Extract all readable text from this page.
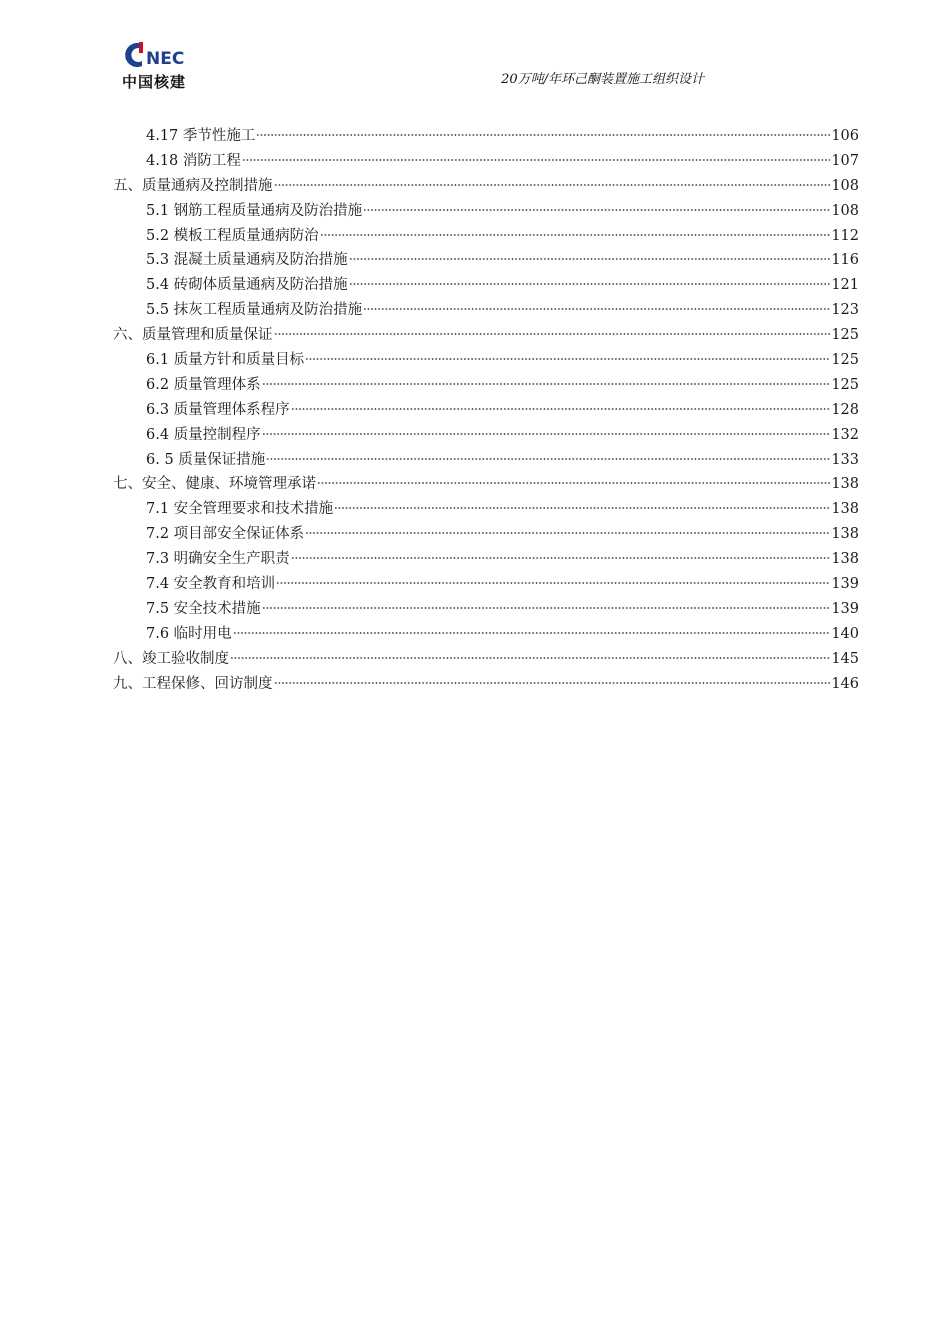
NEC
中国核建	20万吨/年环己酮装置施工组织设计
4.17 季节性施工	106
4.18 消防工程	107
五、质量通病及控制措施	108
5.1 钢筋工程质量通病及防治措施	108
5.2 模板工程质量通病防治	112
5.3 混凝土质量通病及防治措施	116
5.4 砖砌体质量通病及防治措施	121
5.5 抹灰工程质量通病及防治措施	123
六、质量管理和质量保证	125
6.1 质量方针和质量目标	125
6.2 质量管理体系	125
6.3 质量管理体系程序	128
6.4 质量控制程序	132
6. 5 质量保证措施	133
七、安全、健康、环境管理承诺	138
7.1 安全管理要求和技术措施	138
7.2 项目部安全保证体系	138
7.3 明确安全生产职责	138
7.4 安全教育和培训	139
7.5 安全技术措施	139
7.6 临时用电	140
八、竣工验收制度	145
九、工程保修、回访制度	146
